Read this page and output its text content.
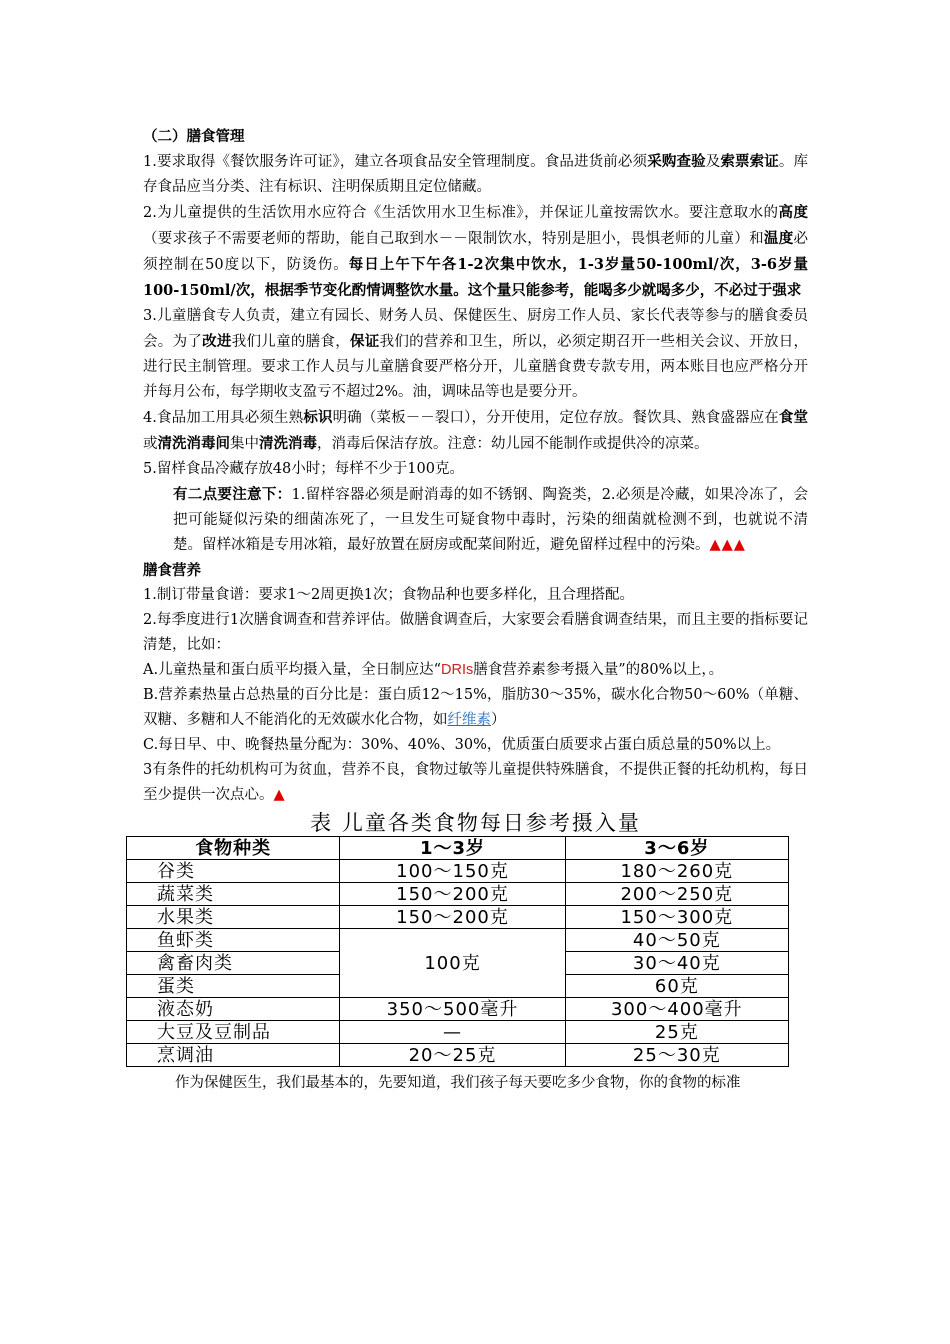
（二）膳食管理

1.要求取得《餐饮服务许可证》，建立各项食品安全管理制度。食品进货前必须采购查验及索票索证。库存食品应当分类、注有标识、注明保质期且定位储藏。

2.为儿童提供的生活饮用水应符合《生活饮用水卫生标准》，并保证儿童按需饮水。要注意取水的高度（要求孩子不需要老师的帮助，能自己取到水－－限制饮水，特别是胆小，畏惧老师的儿童）和温度必须控制在50度以下，防烫伤。每日上午下午各1-2次集中饮水，1-3岁量50-100ml/次，3-6岁量100-150ml/次，根据季节变化酌情调整饮水量。这个量只能参考，能喝多少就喝多少，不必过于强求

3.儿童膳食专人负责，建立有园长、财务人员、保健医生、厨房工作人员、家长代表等参与的膳食委员会。为了改进我们儿童的膳食，保证我们的营养和卫生，所以，必须定期召开一些相关会议、开放日，进行民主制管理。要求工作人员与儿童膳食要严格分开，儿童膳食费专款专用，两本账目也应严格分开并每月公布，每学期收支盈亏不超过2%。油，调味品等也是要分开。

4.食品加工用具必须生熟标识明确（菜板－－裂口），分开使用，定位存放。餐饮具、熟食盛器应在食堂或清洗消毒间集中清洗消毒，消毒后保洁存放。注意：幼儿园不能制作或提供冷的凉菜。

5.留样食品冷藏存放48小时；每样不少于100克。

有二点要注意下：1.留样容器必须是耐消毒的如不锈钢、陶瓷类，2.必须是冷藏，如果冷冻了，会把可能疑似污染的细菌冻死了，一旦发生可疑食物中毒时，污染的细菌就检测不到，也就说不清楚。留样冰箱是专用冰箱，最好放置在厨房或配菜间附近，避免留样过程中的污染。▲▲▲

膳食营养

1.制订带量食谱：要求1～2周更换1次；食物品种也要多样化，且合理搭配。

2.每季度进行1次膳食调查和营养评估。做膳食调查后，大家要会看膳食调查结果，而且主要的指标要记清楚，比如：

A.儿童热量和蛋白质平均摄入量，全日制应达“DRIs膳食营养素参考摄入量”的80%以上，。

B.营养素热量占总热量的百分比是：蛋白质12～15%，脂肪30～35%，碳水化合物50～60%（单糖、双糖、多糖和人不能消化的无效碳水化合物，如纤维素）

C.每日早、中、晚餐热量分配为：30%、40%、30%，优质蛋白质要求占蛋白质总量的50%以上。

3有条件的托幼机构可为贫血，营养不良，食物过敏等儿童提供特殊膳食，不提供正餐的托幼机构，每日至少提供一次点心。▲

表 儿童各类食物每日参考摄入量

食物种类	1～3岁	3～6岁
谷类	100～150克	180～260克
蔬菜类	150～200克	200～250克
水果类	150～200克	150～300克
鱼虾类	100克	40～50克
禽畜肉类		30～40克
蛋类		60克
液态奶	350～500毫升	300～400毫升
大豆及豆制品	—	25克
烹调油	20～25克	25～30克

作为保健医生，我们最基本的，先要知道，我们孩子每天要吃多少食物，你的食物的标准
